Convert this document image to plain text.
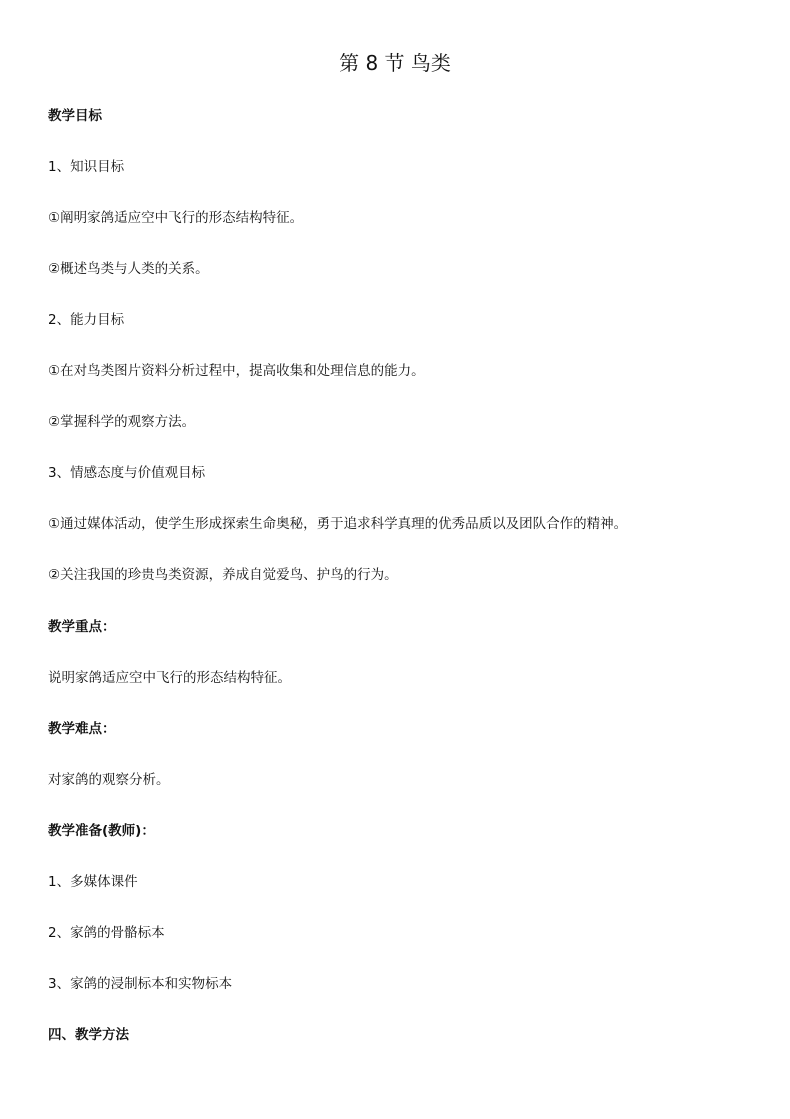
第 8 节 鸟类
教学目标
1、知识目标
①阐明家鸽适应空中飞行的形态结构特征。
②概述鸟类与人类的关系。
2、能力目标
①在对鸟类图片资料分析过程中，提高收集和处理信息的能力。
②掌握科学的观察方法。
3、情感态度与价值观目标
①通过媒体活动，使学生形成探索生命奥秘，勇于追求科学真理的优秀品质以及团队合作的精神。
②关注我国的珍贵鸟类资源，养成自觉爱鸟、护鸟的行为。
教学重点：
说明家鸽适应空中飞行的形态结构特征。
教学难点：
对家鸽的观察分析。
教学准备(教师)：
1、多媒体课件
2、家鸽的骨骼标本
3、家鸽的浸制标本和实物标本
四、教学方法
